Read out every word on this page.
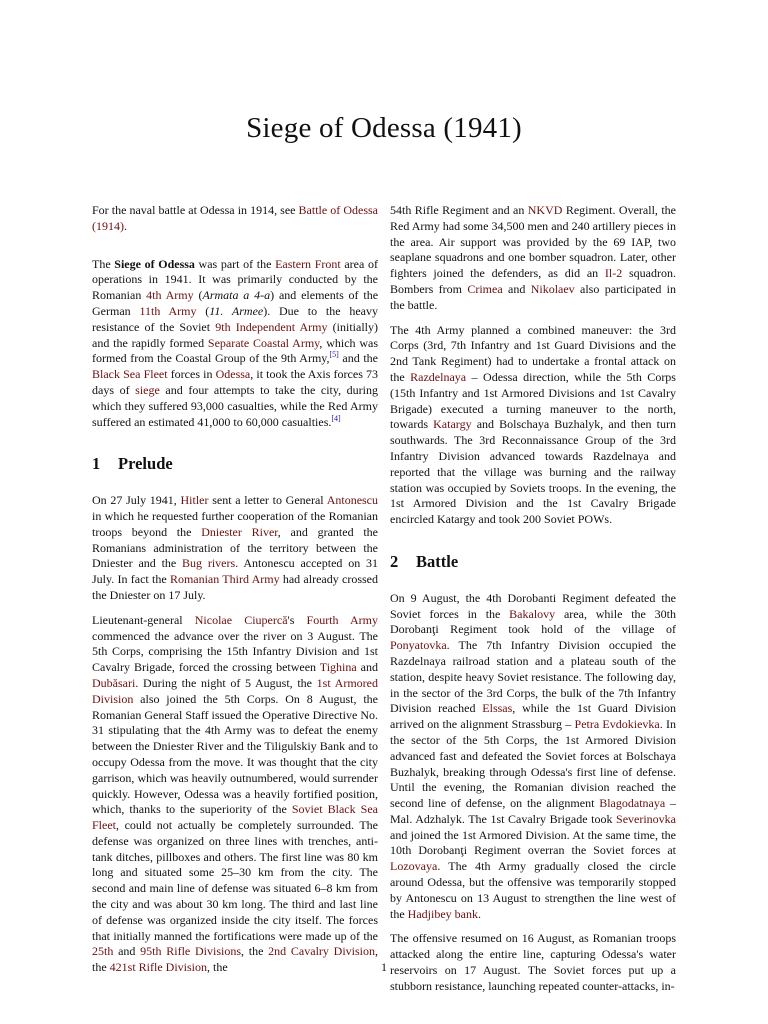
Siege of Odessa (1941)

For the naval battle at Odessa in 1914, see Battle of Odessa (1914).

The Siege of Odessa was part of the Eastern Front area of operations in 1941. It was primarily conducted by the Romanian 4th Army (Armata a 4-a) and elements of the German 11th Army (11. Armee). Due to the heavy resistance of the Soviet 9th Independent Army (initially) and the rapidly formed Separate Coastal Army, which was formed from the Coastal Group of the 9th Army,[5] and the Black Sea Fleet forces in Odessa, it took the Axis forces 73 days of siege and four attempts to take the city, during which they suffered 93,000 casualties, while the Red Army suffered an estimated 41,000 to 60,000 casualties.[4]

1 Prelude

On 27 July 1941, Hitler sent a letter to General Antonescu in which he requested further cooperation of the Romanian troops beyond the Dniester River, and granted the Romanians administration of the territory between the Dniester and the Bug rivers. Antonescu accepted on 31 July. In fact the Romanian Third Army had already crossed the Dniester on 17 July.

Lieutenant-general Nicolae Ciupercă's Fourth Army commenced the advance over the river on 3 August. The 5th Corps, comprising the 15th Infantry Division and 1st Cavalry Brigade, forced the crossing between Tighina and Dubăsari. During the night of 5 August, the 1st Armored Division also joined the 5th Corps. On 8 August, the Romanian General Staff issued the Operative Directive No. 31 stipulating that the 4th Army was to defeat the enemy between the Dniester River and the Tiligulskiy Bank and to occupy Odessa from the move. It was thought that the city garrison, which was heavily outnumbered, would surrender quickly. However, Odessa was a heavily fortified position, which, thanks to the superiority of the Soviet Black Sea Fleet, could not actually be completely surrounded. The defense was organized on three lines with trenches, anti-tank ditches, pillboxes and others. The first line was 80 km long and situated some 25–30 km from the city. The second and main line of defense was situated 6–8 km from the city and was about 30 km long. The third and last line of defense was organized inside the city itself. The forces that initially manned the fortifications were made up of the 25th and 95th Rifle Divisions, the 2nd Cavalry Division, the 421st Rifle Division, the

54th Rifle Regiment and an NKVD Regiment. Overall, the Red Army had some 34,500 men and 240 artillery pieces in the area. Air support was provided by the 69 IAP, two seaplane squadrons and one bomber squadron. Later, other fighters joined the defenders, as did an Il-2 squadron. Bombers from Crimea and Nikolaev also participated in the battle.

The 4th Army planned a combined maneuver: the 3rd Corps (3rd, 7th Infantry and 1st Guard Divisions and the 2nd Tank Regiment) had to undertake a frontal attack on the Razdelnaya – Odessa direction, while the 5th Corps (15th Infantry and 1st Armored Divisions and 1st Cavalry Brigade) executed a turning maneuver to the north, towards Katargy and Bolschaya Buzhalyk, and then turn southwards. The 3rd Reconnaissance Group of the 3rd Infantry Division advanced towards Razdelnaya and reported that the village was burning and the railway station was occupied by Soviets troops. In the evening, the 1st Armored Division and the 1st Cavalry Brigade encircled Katargy and took 200 Soviet POWs.

2 Battle

On 9 August, the 4th Dorobanti Regiment defeated the Soviet forces in the Bakalovy area, while the 30th Dorobanţi Regiment took hold of the village of Ponyatovka. The 7th Infantry Division occupied the Razdelnaya railroad station and a plateau south of the station, despite heavy Soviet resistance. The following day, in the sector of the 3rd Corps, the bulk of the 7th Infantry Division reached Elssas, while the 1st Guard Division arrived on the alignment Strassburg – Petra Evdokievka. In the sector of the 5th Corps, the 1st Armored Division advanced fast and defeated the Soviet forces at Bolschaya Buzhalyk, breaking through Odessa's first line of defense. Until the evening, the Romanian division reached the second line of defense, on the alignment Blagodatnaya – Mal. Adzhalyk. The 1st Cavalry Brigade took Severinovka and joined the 1st Armored Division. At the same time, the 10th Dorobanţi Regiment overran the Soviet forces at Lozovaya. The 4th Army gradually closed the circle around Odessa, but the offensive was temporarily stopped by Antonescu on 13 August to strengthen the line west of the Hadjibey bank.

The offensive resumed on 16 August, as Romanian troops attacked along the entire line, capturing Odessa's water reservoirs on 17 August. The Soviet forces put up a stubborn resistance, launching repeated counter-attacks, in-

1
